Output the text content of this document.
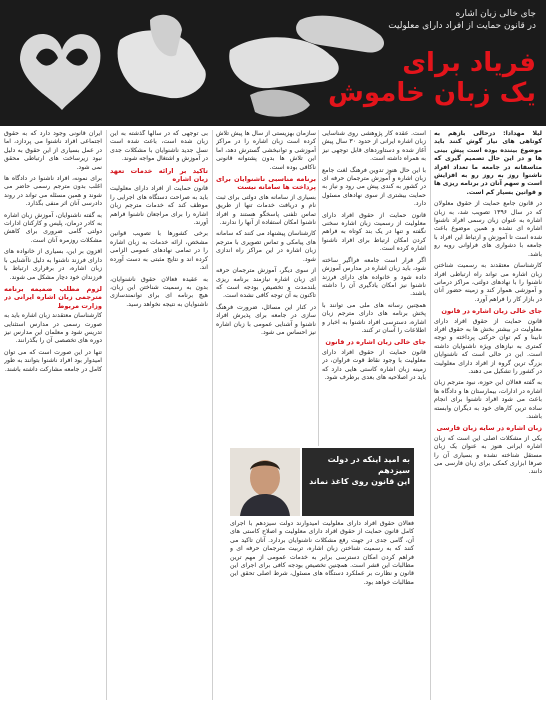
جای خالی زبان اشاره
در قانون حمایت از افراد دارای معلولیت
فریاد برای
یک زبان خاموش

لیلا مهدادا: درحالی بازهم به کوتاهی های نیاز گوش کنند باید موضوع بیننده بوده است پیش بینی ها و در این حال تصمیم گیری که متاسفانه در جامعه ما تعداد افراد ناشنوا روز به روز رو به افزایش است و سهم آنان در برنامه ریزی ها و قوانین بسیار کم است.

در قانون جامع حمایت از حقوق معلولان که در سال ۱۳۹۶ تصویب شد، به زبان اشاره به عنوان زبان رسمی افراد ناشنوا اشاره ای نشده و همین موضوع باعث شده است تا آموزش و ارتباط این افراد با جامعه با دشواری های فراوانی روبه رو باشد.

کارشناسان معتقدند به رسمیت شناختن زبان اشاره می تواند راه ارتباطی افراد ناشنوا را با نهادهای دولتی، مراکز درمانی و آموزشی هموار کند و زمینه حضور آنان در بازار کار را فراهم آورد.

جای خالی زبان اشاره در قانون

قانون حمایت از حقوق افراد دارای معلولیت در بیشتر بخش ها به حقوق افراد نابینا و کم توان حرکتی پرداخته و توجه کمتری به نیازهای ویژه ناشنوایان داشته است. این در حالی است که ناشنوایان بزرگ ترین گروه از افراد دارای معلولیت در کشور را تشکیل می دهند.

به گفته فعالان این حوزه، نبود مترجم زبان اشاره در ادارات، بیمارستان ها و دادگاه ها باعث می شود افراد ناشنوا برای انجام ساده ترین کارهای خود به دیگران وابسته باشند.

زبان اشاره در سایه زبان فارسی

یکی از مشکلات اصلی این است که زبان اشاره ایرانی هنوز به عنوان یک زبان مستقل شناخته نشده و بسیاری آن را صرفا ابزاری کمکی برای زبان فارسی می دانند.

است. عقده کار پژوهشی روی شناسایی زبان اشاره ایرانی از حدود ۳۰ سال پیش آغاز شده و دستاوردهای قابل توجهی نیز به همراه داشته است.

با این حال هنوز تدوین فرهنگ لغت جامع زبان اشاره و آموزش مترجمان حرفه ای در کشور به کندی پیش می رود و نیاز به حمایت بیشتری از سوی نهادهای مسئول دارد.

قانون حمایت از حقوق افراد دارای معلولیت از رسمیت زبان اشاره سخنی نگفته و تنها در یک بند کوتاه به فراهم کردن امکان ارتباط برای افراد ناشنوا اشاره کرده است.

اگر قرار است جامعه فراگیر ساخته شود، باید زبان اشاره در مدارس آموزش داده شود و خانواده های دارای فرزند ناشنوا نیز امکان یادگیری آن را داشته باشند.

همچنین رسانه های ملی می توانند با پخش برنامه های دارای مترجم زبان اشاره، دسترسی افراد ناشنوا به اخبار و اطلاعات را آسان تر کنند.

جای خالی زبان اشاره در قانون

قانون حمایت از حقوق افراد دارای معلولیت با وجود نقاط قوت فراوان، در زمینه زبان اشاره کاستی هایی دارد که باید در اصلاحیه های بعدی برطرف شود.

سازمان بهزیستی از سال ها پیش تلاش کرده است زبان اشاره را در مراکز آموزشی و توانبخشی گسترش دهد، اما این تلاش ها بدون پشتوانه قانونی ناکافی بوده است.

برنامه مناسبی ناشنوایان برای پرداخت ها سامانه نیست

بسیاری از سامانه های دولتی برای ثبت نام و دریافت خدمات تنها از طریق تماس تلفنی پاسخگو هستند و افراد ناشنوا امکان استفاده از آنها را ندارند.

کارشناسان پیشنهاد می کنند که سامانه های پیامکی و تماس تصویری با مترجم زبان اشاره در این مراکز راه اندازی شود.

از سوی دیگر، آموزش مترجمان حرفه ای زبان اشاره نیازمند برنامه ریزی بلندمدت و تخصیص بودجه است که تاکنون به آن توجه کافی نشده است.

در کنار این مسائل، ضرورت فرهنگ سازی در جامعه برای پذیرش افراد ناشنوا و آشنایی عمومی با زبان اشاره نیز احساس می شود.

بی توجهی که در سالها گذشته به این زبان شده است، باعث شده است نسل جدید ناشنوایان با مشکلات جدی در آموزش و اشتغال مواجه شوند.

تاکید بر ارائه خدمات تعهد زبان اشاره

قانون حمایت از افراد دارای معلولیت باید به صراحت دستگاه های اجرایی را موظف کند که خدمات مترجم زبان اشاره را برای مراجعان ناشنوا فراهم آورند.

برخی کشورها با تصویب قوانین مشخص، ارائه خدمات به زبان اشاره را در تمامی نهادهای عمومی الزامی کرده اند و نتایج مثبتی به دست آورده اند.

به عقیده فعالان حقوق ناشنوایان، بدون به رسمیت شناختن این زبان، هیچ برنامه ای برای توانمندسازی ناشنوایان به نتیجه نخواهد رسید.

ایران قانونی وجود دارد که به حقوق اجتماعی افراد ناشنوا می پردازد، اما در عمل بسیاری از این حقوق به دلیل نبود زیرساخت های ارتباطی محقق نمی شود.

برای نمونه، افراد ناشنوا در دادگاه ها اغلب بدون مترجم رسمی حاضر می شوند و همین مسئله می تواند در روند دادرسی آنان اثر منفی بگذارد.

به گفته ناشنوایان، آموزش زبان اشاره به کادر درمان، پلیس و کارکنان ادارات دولتی گامی ضروری برای کاهش مشکلات روزمره آنان است.

افزون بر این، بسیاری از خانواده های دارای فرزند ناشنوا به دلیل ناآشنایی با زبان اشاره، در برقراری ارتباط با فرزندان خود دچار مشکل می شوند.

لزوم مطلب ضمیمه برنامه مترجمی زبان اشاره ایرانی در وزارت مربوط

کارشناسان معتقدند زبان اشاره باید به صورت رسمی در مدارس استثنایی تدریس شود و معلمان این مدارس نیز دوره های تخصصی آن را بگذرانند.

تنها در این صورت است که می توان امیدوار بود افراد ناشنوا بتوانند به طور کامل در جامعه مشارکت داشته باشند.

به امید اینکه در دولت سیزدهم
این قانون روی کاغذ نماند
فعالان حقوق افراد دارای معلولیت امیدوارند دولت سیزدهم با اجرای کامل قانون حمایت از حقوق افراد دارای معلولیت و اصلاح کاستی های آن، گامی جدی در جهت رفع مشکلات ناشنوایان بردارد. آنان تاکید می کنند که به رسمیت شناختن زبان اشاره، تربیت مترجمان حرفه ای و فراهم کردن امکان دسترسی برابر به خدمات عمومی از مهم ترین مطالبات این قشر است. همچنین تخصیص بودجه کافی برای اجرای این قانون و نظارت بر عملکرد دستگاه های مسئول، شرط اصلی تحقق این مطالبات خواهد بود.
